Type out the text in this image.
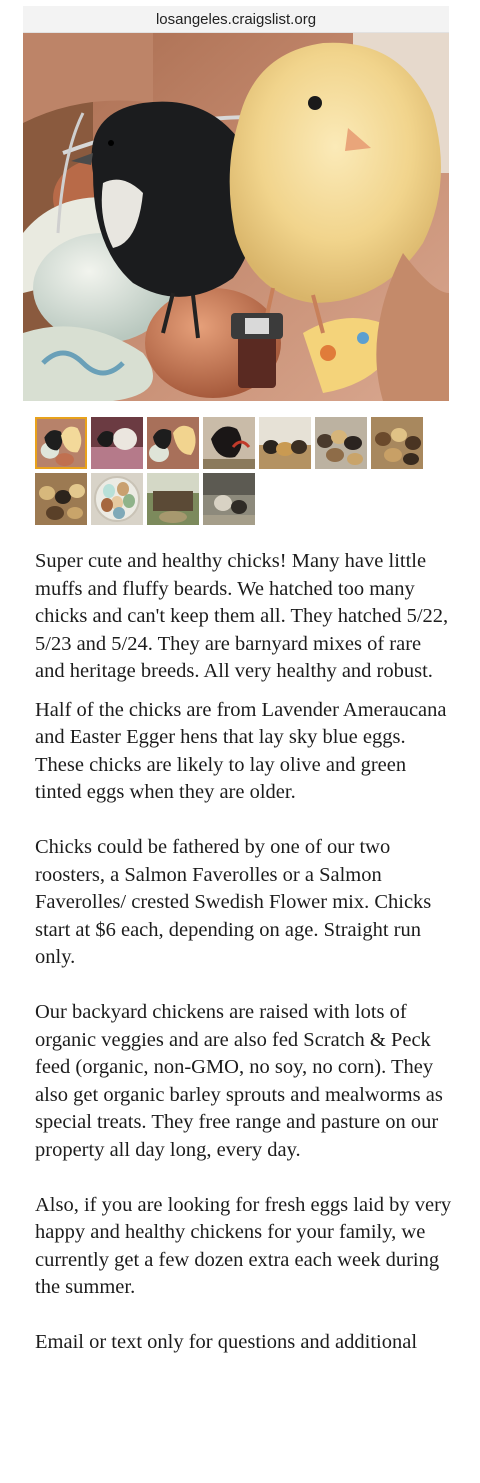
losangeles.craigslist.org

Super cute and healthy chicks! Many have little muffs and fluffy beards. We hatched too many chicks and can't keep them all. They hatched 5/22, 5/23 and 5/24. They are barnyard mixes of rare and heritage breeds. All very healthy and robust.

Half of the chicks are from Lavender Ameraucana and Easter Egger hens that lay sky blue eggs. These chicks are likely to lay olive and green tinted eggs when they are older.

Chicks could be fathered by one of our two roosters, a Salmon Faverolles or a Salmon Faverolles/ crested Swedish Flower mix. Chicks start at $6 each, depending on age. Straight run only.

Our backyard chickens are raised with lots of organic veggies and are also fed Scratch & Peck feed (organic, non-GMO, no soy, no corn). They also get organic barley sprouts and mealworms as special treats. They free range and pasture on our property all day long, every day.

Also, if you are looking for fresh eggs laid by very happy and healthy chickens for your family, we currently get a few dozen extra each week during the summer.

Email or text only for questions and additional
